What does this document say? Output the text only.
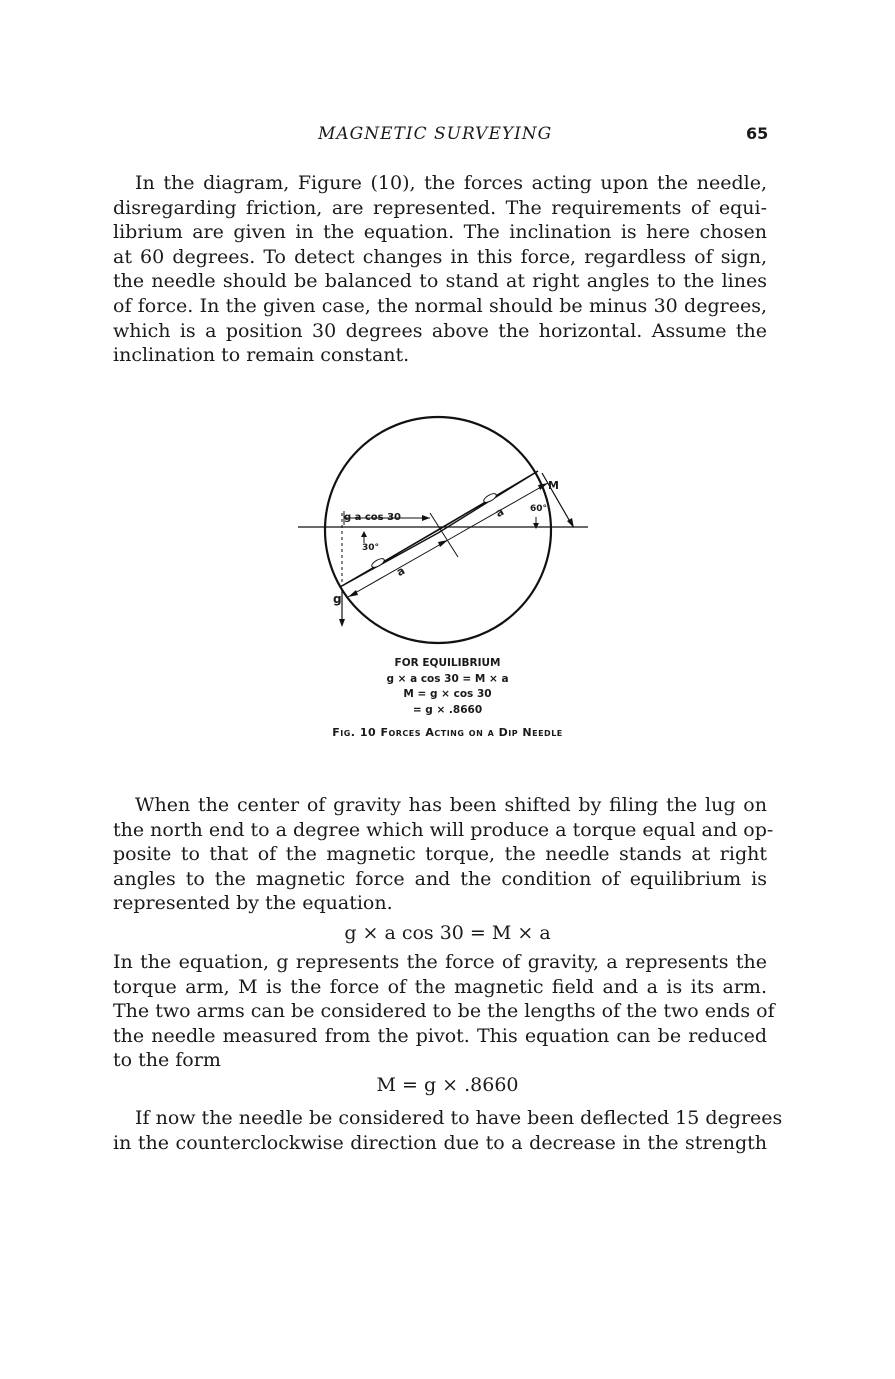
MAGNETIC SURVEYING	65

In the diagram, Figure (10), the forces acting upon the needle,
disregarding friction, are represented. The requirements of equi-
librium are given in the equation. The inclination is here chosen
at 60 degrees. To detect changes in this force, regardless of sign,
the needle should be balanced to stand at right angles to the lines
of force. In the given case, the normal should be minus 30 degrees,
which is a position 30 degrees above the horizontal. Assume the
inclination to remain constant.

g a cos 30
30°
60°
M
g
a
a
FOR EQUILIBRIUM
g × a cos 30 = M × a
M = g × cos 30
= g × .8660
Fig. 10 Forces Acting on a Dip Needle

When the center of gravity has been shifted by filing the lug on
the north end to a degree which will produce a torque equal and op-
posite to that of the magnetic torque, the needle stands at right
angles to the magnetic force and the condition of equilibrium is
represented by the equation.

g × a cos 30 = M × a

In the equation, g represents the force of gravity, a represents the
torque arm, M is the force of the magnetic field and a is its arm.
The two arms can be considered to be the lengths of the two ends of
the needle measured from the pivot. This equation can be reduced
to the form

M = g × .8660

If now the needle be considered to have been deflected 15 degrees
in the counterclockwise direction due to a decrease in the strength
